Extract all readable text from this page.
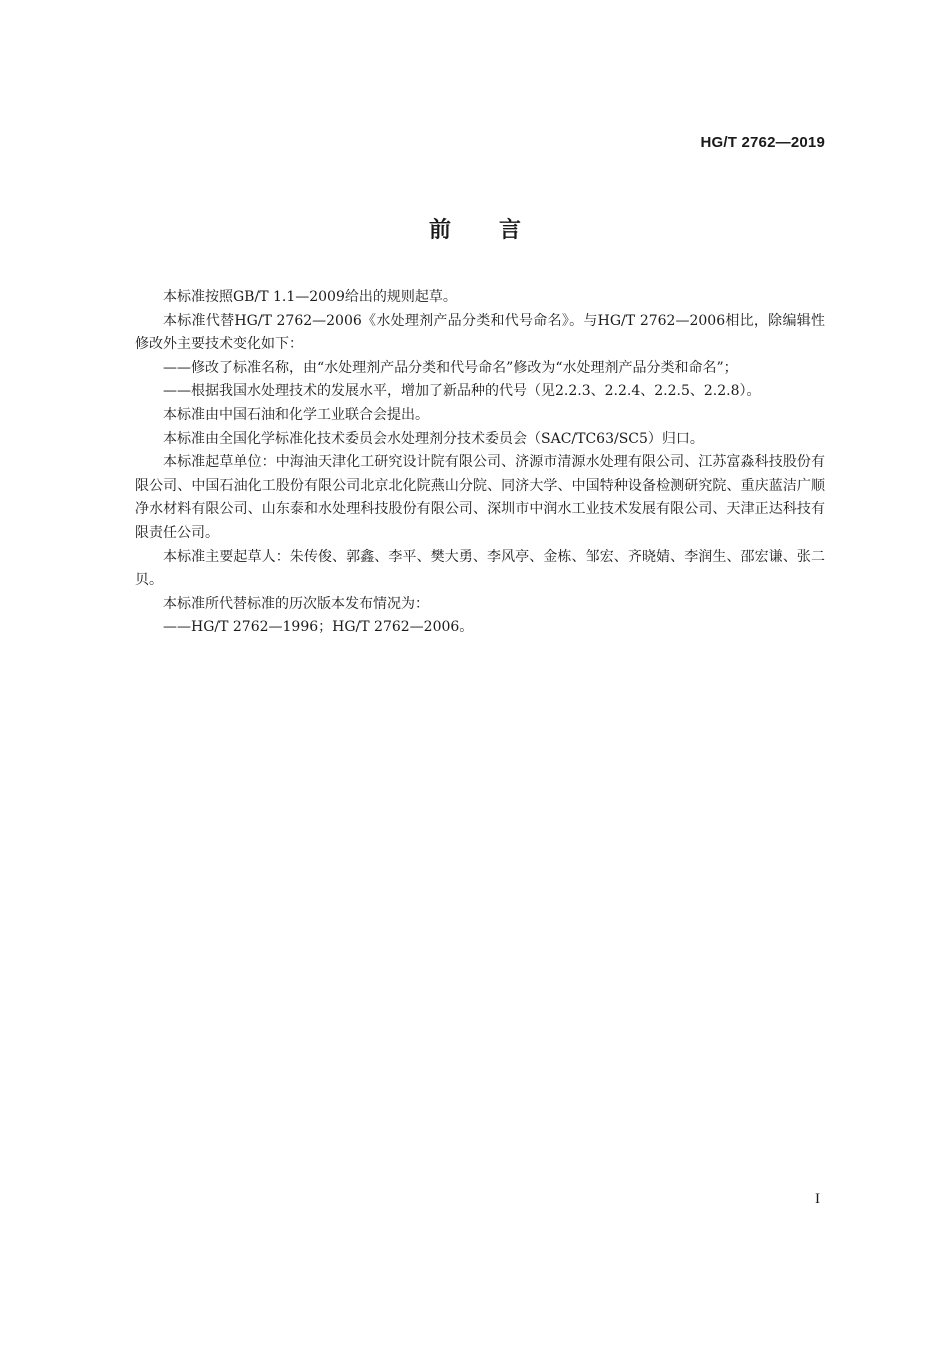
HG/T 2762—2019
前言

本标准按照GB/T 1.1—2009给出的规则起草。

本标准代替HG/T 2762—2006《水处理剂产品分类和代号命名》。与HG/T 2762—2006相比，除编辑性修改外主要技术变化如下：

——修改了标准名称，由“水处理剂产品分类和代号命名”修改为“水处理剂产品分类和命名”；

——根据我国水处理技术的发展水平，增加了新品种的代号（见2.2.3、2.2.4、2.2.5、2.2.8）。

本标准由中国石油和化学工业联合会提出。

本标准由全国化学标准化技术委员会水处理剂分技术委员会（SAC/TC63/SC5）归口。

本标准起草单位：中海油天津化工研究设计院有限公司、济源市清源水处理有限公司、江苏富淼科技股份有限公司、中国石油化工股份有限公司北京北化院燕山分院、同济大学、中国特种设备检测研究院、重庆蓝洁广顺净水材料有限公司、山东泰和水处理科技股份有限公司、深圳市中润水工业技术发展有限公司、天津正达科技有限责任公司。

本标准主要起草人：朱传俊、郭鑫、李平、樊大勇、李风亭、金栋、邹宏、齐晓婧、李润生、邵宏谦、张二贝。

本标准所代替标准的历次版本发布情况为：

——HG/T 2762—1996；HG/T 2762—2006。

I
